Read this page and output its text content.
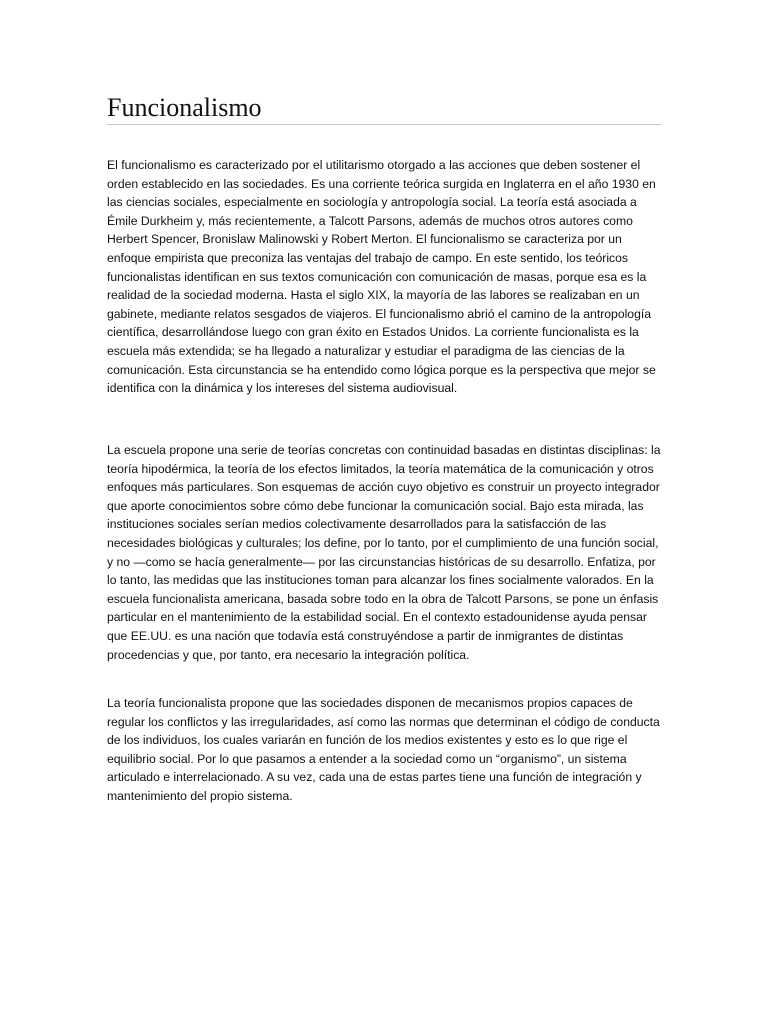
Funcionalismo

El funcionalismo es caracterizado por el utilitarismo otorgado a las acciones que deben sostener el orden establecido en las sociedades. Es una corriente teórica surgida en Inglaterra en el año 1930 en las ciencias sociales, especialmente en sociología y antropología social. La teoría está asociada a Émile Durkheim y, más recientemente, a Talcott Parsons, además de muchos otros autores como Herbert Spencer, Bronislaw Malinowski y Robert Merton. El funcionalismo se caracteriza por un enfoque empirista que preconiza las ventajas del trabajo de campo. En este sentido, los teóricos funcionalistas identifican en sus textos comunicación con comunicación de masas, porque esa es la realidad de la sociedad moderna. Hasta el siglo XIX, la mayoría de las labores se realizaban en un gabinete, mediante relatos sesgados de viajeros. El funcionalismo abrió el camino de la antropología científica, desarrollándose luego con gran éxito en Estados Unidos. La corriente funcionalista es la escuela más extendida; se ha llegado a naturalizar y estudiar el paradigma de las ciencias de la comunicación. Esta circunstancia se ha entendido como lógica porque es la perspectiva que mejor se identifica con la dinámica y los intereses del sistema audiovisual.

La escuela propone una serie de teorías concretas con continuidad basadas en distintas disciplinas: la teoría hipodérmica, la teoría de los efectos limitados, la teoría matemática de la comunicación y otros enfoques más particulares. Son esquemas de acción cuyo objetivo es construir un proyecto integrador que aporte conocimientos sobre cómo debe funcionar la comunicación social. Bajo esta mirada, las instituciones sociales serían medios colectivamente desarrollados para la satisfacción de las necesidades biológicas y culturales; los define, por lo tanto, por el cumplimiento de una función social, y no —como se hacía generalmente— por las circunstancias históricas de su desarrollo. Enfatiza, por lo tanto, las medidas que las instituciones toman para alcanzar los fines socialmente valorados. En la escuela funcionalista americana, basada sobre todo en la obra de Talcott Parsons, se pone un énfasis particular en el mantenimiento de la estabilidad social. En el contexto estadounidense ayuda pensar que EE.UU. es una nación que todavía está construyéndose a partir de inmigrantes de distintas procedencias y que, por tanto, era necesario la integración política.

La teoría funcionalista propone que las sociedades disponen de mecanismos propios capaces de regular los conflictos y las irregularidades, así como las normas que determinan el código de conducta de los individuos, los cuales variarán en función de los medios existentes y esto es lo que rige el equilibrio social. Por lo que pasamos a entender a la sociedad como un “organismo”, un sistema articulado e interrelacionado. A su vez, cada una de estas partes tiene una función de integración y mantenimiento del propio sistema.
